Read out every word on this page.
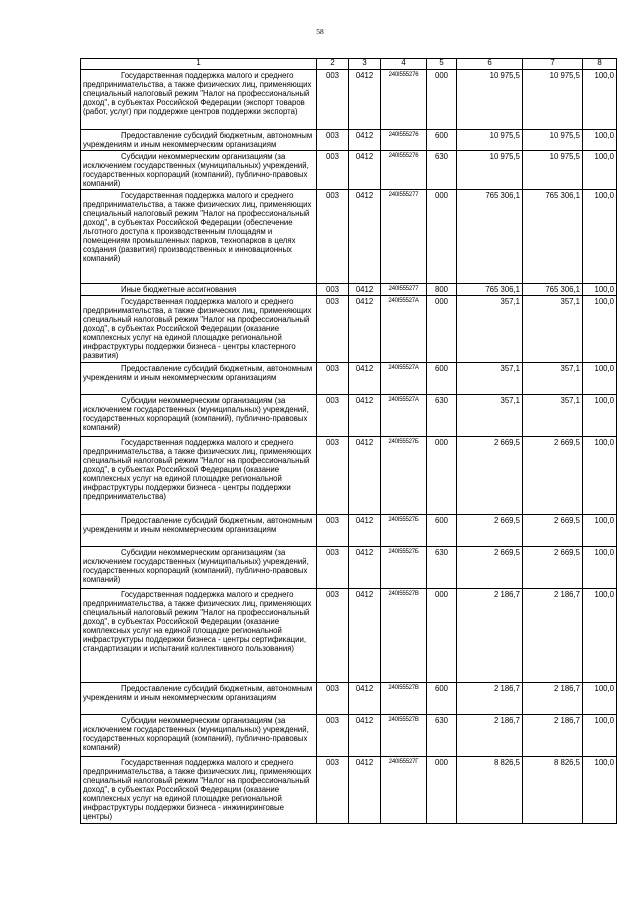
58
1	2	3	4	5	6	7	8
Государственная поддержка малого и среднего предпринимательства, а также физических лиц, применяющих специальный налоговый режим "Налог на профессиональный доход", в субъектах Российской Федерации (экспорт товаров (работ, услуг) при поддержке центров поддержки экспорта)	003	0412	240I555276	000	10 975,5	10 975,5	100,0
Предоставление субсидий бюджетным, автономным учреждениям и иным некоммерческим организациям	003	0412	240I555276	600	10 975,5	10 975,5	100,0
Субсидии некоммерческим организациям (за исключением государственных (муниципальных) учреждений, государственных корпораций (компаний), публично-правовых компаний)	003	0412	240I555276	630	10 975,5	10 975,5	100,0
Государственная поддержка малого и среднего предпринимательства, а также физических лиц, применяющих специальный налоговый режим "Налог на профессиональный доход", в субъектах Российской Федерации (обеспечение льготного доступа к производственным площадям и помещениям промышленных парков, технопарков в целях создания (развития) производственных и инновационных компаний)	003	0412	240I555277	000	765 306,1	765 306,1	100,0
Иные бюджетные ассигнования	003	0412	240I555277	800	765 306,1	765 306,1	100,0
Государственная поддержка малого и среднего предпринимательства, а также физических лиц, применяющих специальный налоговый режим "Налог на профессиональный доход", в субъектах Российской Федерации (оказание комплексных услуг на единой площадке региональной инфраструктуры поддержки бизнеса - центры кластерного развития)	003	0412	240I55527A	000	357,1	357,1	100,0
Предоставление субсидий бюджетным, автономным учреждениям и иным некоммерческим организациям	003	0412	240I55527A	600	357,1	357,1	100,0
Субсидии некоммерческим организациям (за исключением государственных (муниципальных) учреждений, государственных корпораций (компаний), публично-правовых компаний)	003	0412	240I55527A	630	357,1	357,1	100,0
Государственная поддержка малого и среднего предпринимательства, а также физических лиц, применяющих специальный налоговый режим "Налог на профессиональный доход", в субъектах Российской Федерации (оказание комплексных услуг на единой площадке региональной инфраструктуры поддержки бизнеса - центры поддержки предпринимательства)	003	0412	240I55527Б	000	2 669,5	2 669,5	100,0
Предоставление субсидий бюджетным, автономным учреждениям и иным некоммерческим организациям	003	0412	240I55527Б	600	2 669,5	2 669,5	100,0
Субсидии некоммерческим организациям (за исключением государственных (муниципальных) учреждений, государственных корпораций (компаний), публично-правовых компаний)	003	0412	240I55527Б	630	2 669,5	2 669,5	100,0
Государственная поддержка малого и среднего предпринимательства, а также физических лиц, применяющих специальный налоговый режим "Налог на профессиональный доход", в субъектах Российской Федерации (оказание комплексных услуг на единой площадке региональной инфраструктуры поддержки бизнеса - центры сертификации, стандартизации и испытаний коллективного пользования)	003	0412	240I55527В	000	2 186,7	2 186,7	100,0
Предоставление субсидий бюджетным, автономным учреждениям и иным некоммерческим организациям	003	0412	240I55527В	600	2 186,7	2 186,7	100,0
Субсидии некоммерческим организациям (за исключением государственных (муниципальных) учреждений, государственных корпораций (компаний), публично-правовых компаний)	003	0412	240I55527В	630	2 186,7	2 186,7	100,0
Государственная поддержка малого и среднего предпринимательства, а также физических лиц, применяющих специальный налоговый режим "Налог на профессиональный доход", в субъектах Российской Федерации (оказание комплексных услуг на единой площадке региональной инфраструктуры поддержки бизнеса - инжиниринговые центры)	003	0412	240I55527Г	000	8 826,5	8 826,5	100,0
